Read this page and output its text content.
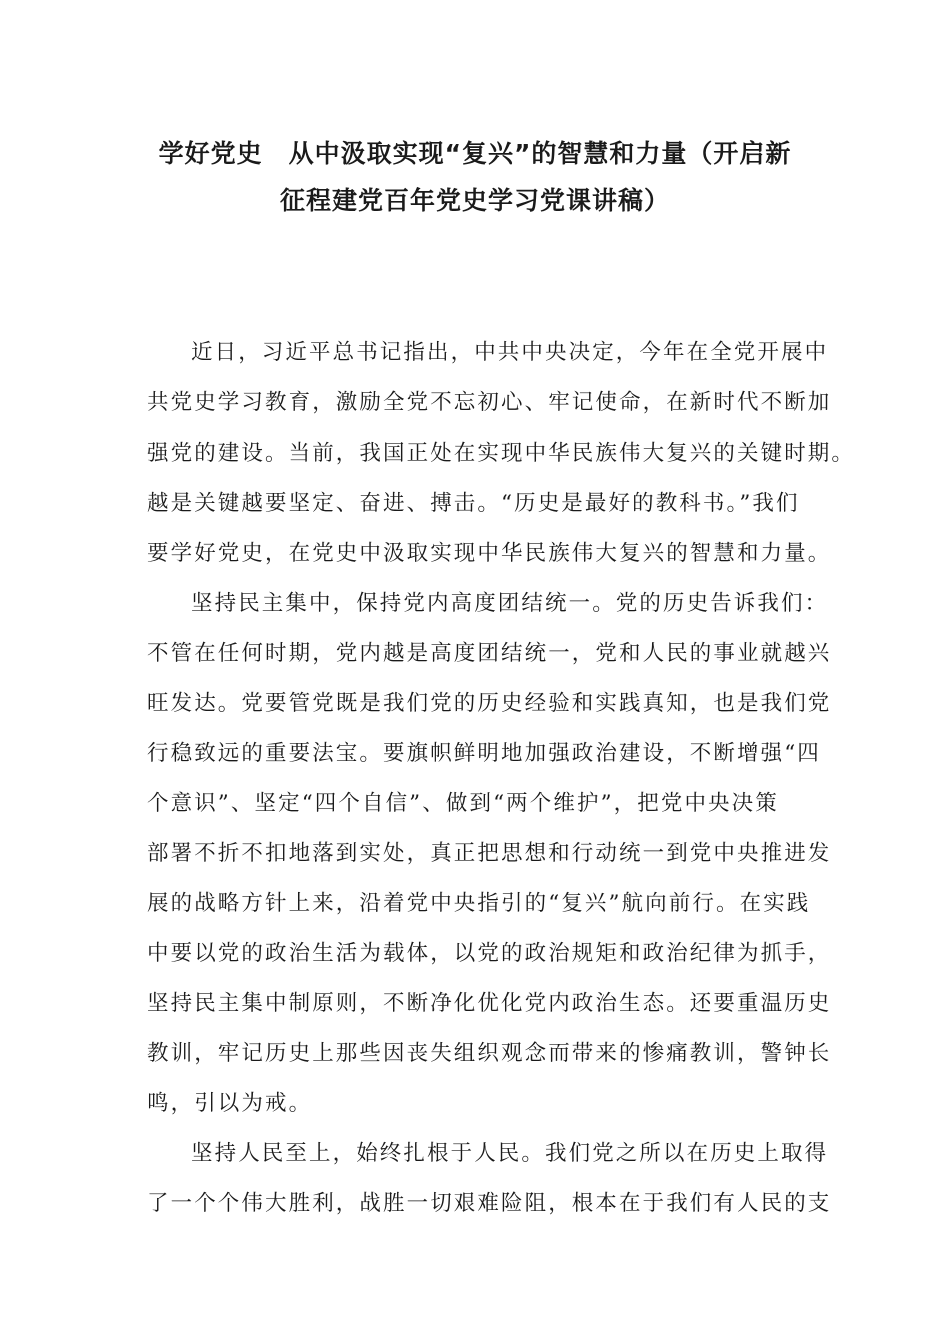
学好党史　从中汲取实现“复兴”的智慧和力量（开启新
征程建党百年党史学习党课讲稿）
近日，习近平总书记指出，中共中央决定，今年在全党开展中
共党史学习教育，激励全党不忘初心、牢记使命，在新时代不断加
强党的建设。当前，我国正处在实现中华民族伟大复兴的关键时期。
越是关键越要坚定、奋进、搏击。“历史是最好的教科书。”我们
要学好党史，在党史中汲取实现中华民族伟大复兴的智慧和力量。
坚持民主集中，保持党内高度团结统一。党的历史告诉我们：
不管在任何时期，党内越是高度团结统一，党和人民的事业就越兴
旺发达。党要管党既是我们党的历史经验和实践真知，也是我们党
行稳致远的重要法宝。要旗帜鲜明地加强政治建设，不断增强“四
个意识”、坚定“四个自信”、做到“两个维护”，把党中央决策
部署不折不扣地落到实处，真正把思想和行动统一到党中央推进发
展的战略方针上来，沿着党中央指引的“复兴”航向前行。在实践
中要以党的政治生活为载体，以党的政治规矩和政治纪律为抓手，
坚持民主集中制原则，不断净化优化党内政治生态。还要重温历史
教训，牢记历史上那些因丧失组织观念而带来的惨痛教训，警钟长
鸣，引以为戒。
坚持人民至上，始终扎根于人民。我们党之所以在历史上取得
了一个个伟大胜利，战胜一切艰难险阻，根本在于我们有人民的支
